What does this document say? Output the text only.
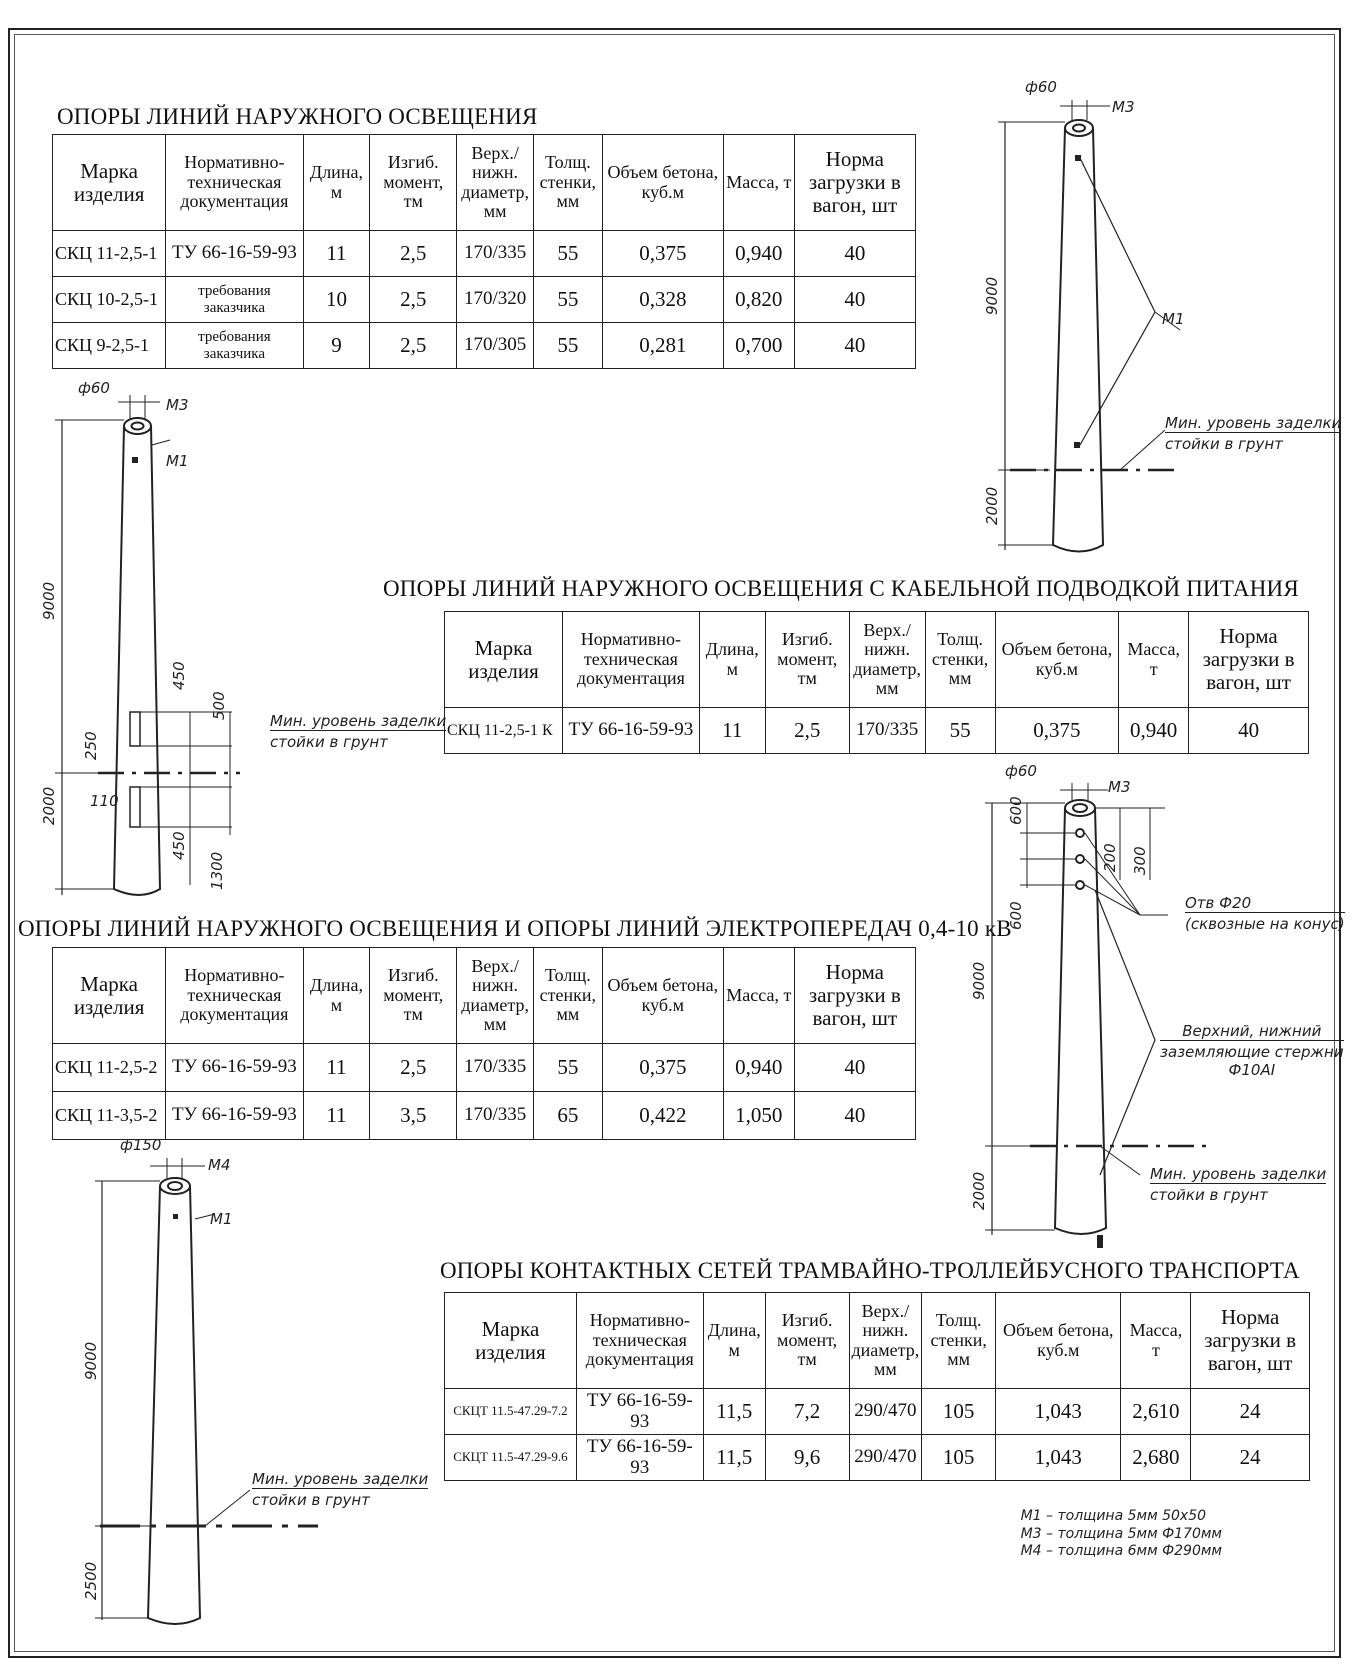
ОПОРЫ ЛИНИЙ НАРУЖНОГО ОСВЕЩЕНИЯ
Марка изделия	Нормативно-техническая документация	Длина, м	Изгиб. момент, тм	Верх./ нижн. диаметр, мм	Толщ. стенки, мм	Объем бетона, куб.м	Масса, т	Норма загрузки в вагон, шт
СКЦ 11-2,5-1	ТУ 66-16-59-93	11	2,5	170/335	55	0,375	0,940	40
СКЦ 10-2,5-1	требования заказчика	10	2,5	170/320	55	0,328	0,820	40
СКЦ 9-2,5-1	требования заказчика	9	2,5	170/305	55	0,281	0,700	40
ОПОРЫ ЛИНИЙ НАРУЖНОГО ОСВЕЩЕНИЯ С КАБЕЛЬНОЙ ПОДВОДКОЙ ПИТАНИЯ
Марка изделия	Нормативно-техническая документация	Длина, м	Изгиб. момент, тм	Верх./ нижн. диаметр, мм	Толщ. стенки, мм	Объем бетона, куб.м	Масса, т	Норма загрузки в вагон, шт
СКЦ 11-2,5-1 К	ТУ 66-16-59-93	11	2,5	170/335	55	0,375	0,940	40
ОПОРЫ ЛИНИЙ НАРУЖНОГО ОСВЕЩЕНИЯ И ОПОРЫ ЛИНИЙ ЭЛЕКТРОПЕРЕДАЧ 0,4-10 кВ
Марка изделия	Нормативно-техническая документация	Длина, м	Изгиб. момент, тм	Верх./ нижн. диаметр, мм	Толщ. стенки, мм	Объем бетона, куб.м	Масса, т	Норма загрузки в вагон, шт
СКЦ 11-2,5-2	ТУ 66-16-59-93	11	2,5	170/335	55	0,375	0,940	40
СКЦ 11-3,5-2	ТУ 66-16-59-93	11	3,5	170/335	65	0,422	1,050	40
ОПОРЫ КОНТАКТНЫХ СЕТЕЙ ТРАМВАЙНО-ТРОЛЛЕЙБУСНОГО ТРАНСПОРТА
Марка изделия	Нормативно-техническая документация	Длина, м	Изгиб. момент, тм	Верх./ нижн. диаметр, мм	Толщ. стенки, мм	Объем бетона, куб.м	Масса, т	Норма загрузки в вагон, шт
СКЦТ 11.5-47.29-7.2	ТУ 66-16-59-93	11,5	7,2	290/470	105	1,043	2,610	24
СКЦТ 11.5-47.29-9.6	ТУ 66-16-59-93	11,5	9,6	290/470	105	1,043	2,680	24
ф60
М3
М1
9000
2000
450
500
250
110
450
1300
ф60
М3
М1
9000
2000
ф60
М3
600
600
200 300
9000
2000
ф150
М4
М1
9000
2500
Мин. уровень заделки
стойки в грунт
Мин. уровень заделки
стойки в грунт
Отв Ф20
(сквозные на конус)
Верхний, нижний
заземляющие стержни
Ф10АI
Мин. уровень заделки
стойки в грунт
Мин. уровень заделки
стойки в грунт
М1 – толщина 5мм 50х50
М3 – толщина 5мм Ф170мм
М4 – толщина 6мм Ф290мм
